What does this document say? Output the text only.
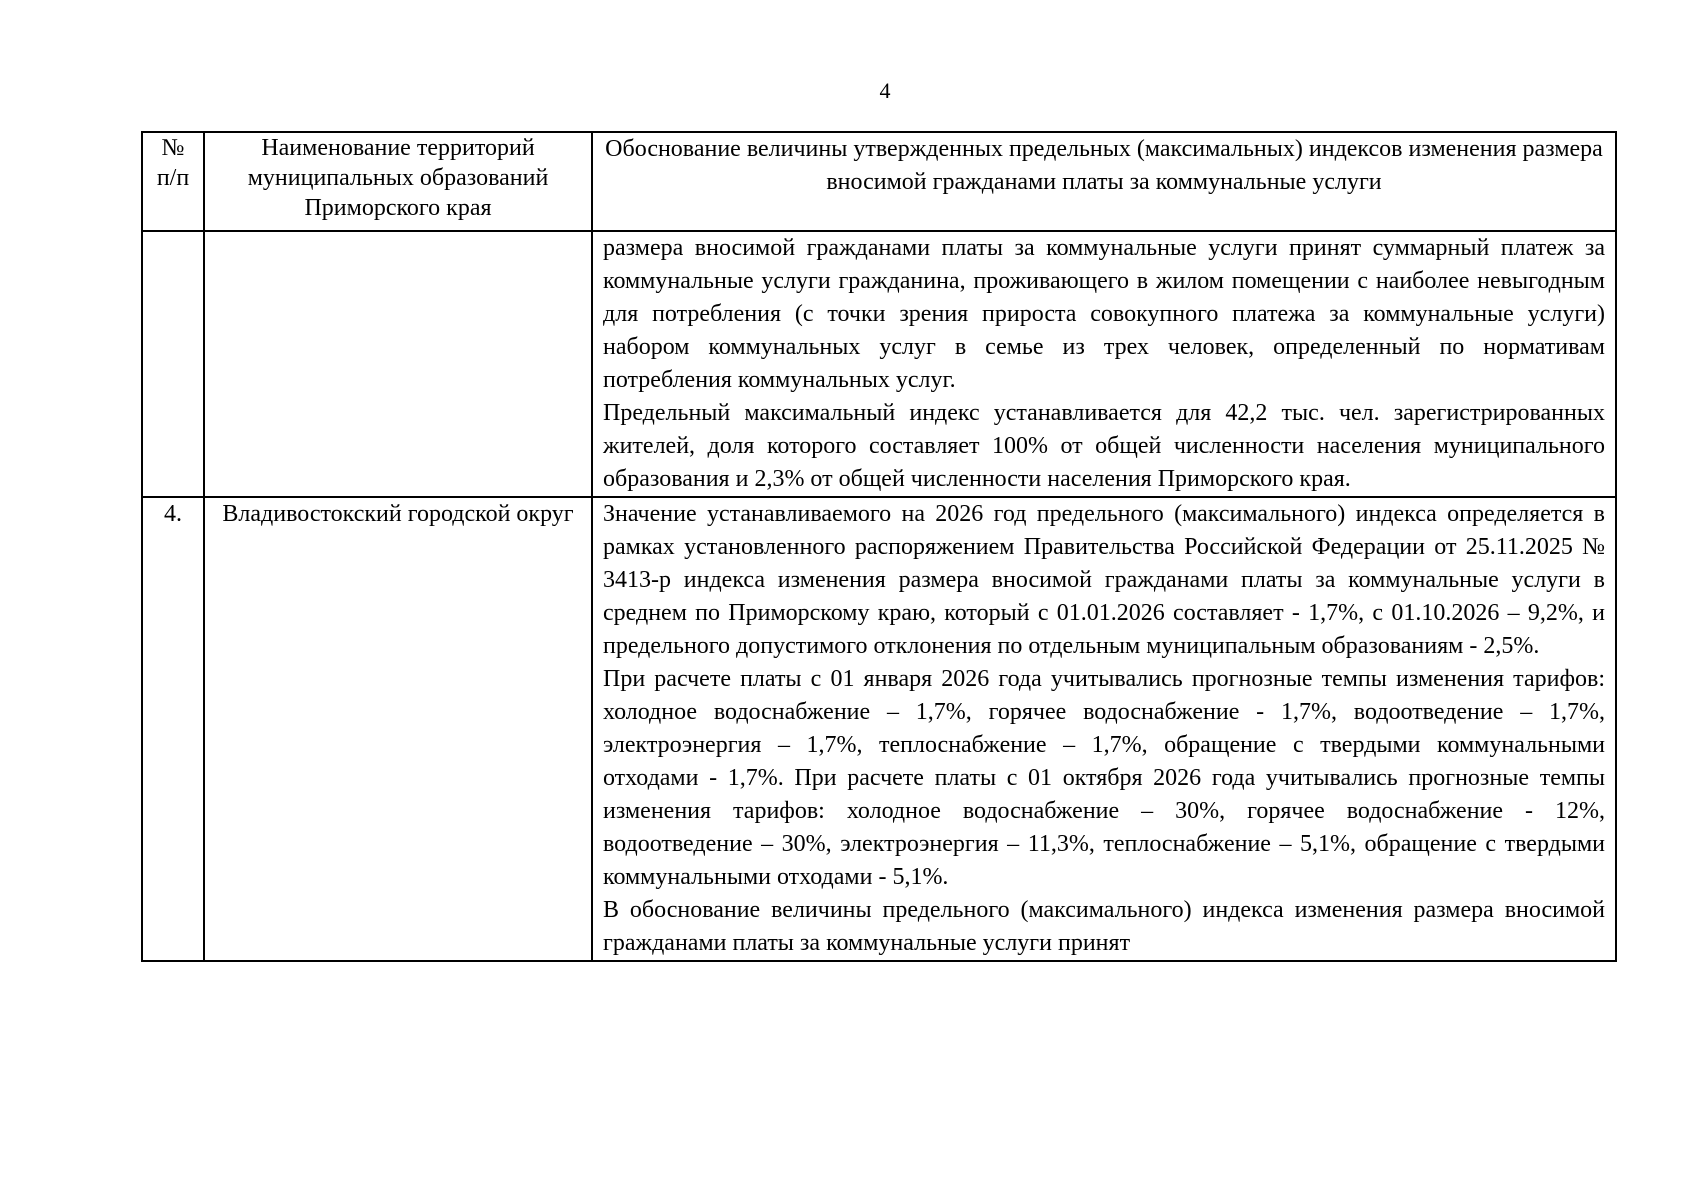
4
№ п/п	Наименование территорий муниципальных образований Приморского края	Обоснование величины утвержденных предельных (максимальных) индексов изменения размера вносимой гражданами платы за коммунальные услуги

		размера вносимой гражданами платы за коммунальные услуги принят суммарный платеж за коммунальные услуги гражданина, проживающего в жилом помещении с наиболее невыгодным для потребления (с точки зрения прироста совокупного платежа за коммунальные услуги) набором коммунальных услуг в семье из трех человек, определенный по нормативам потребления коммунальных услуг.

Предельный максимальный индекс устанавливается для 42,2 тыс. чел. зарегистрированных жителей, доля которого составляет 100% от общей численности населения муниципального образования и 2,3% от общей численности населения Приморского края.

4.	Владивостокский городской округ	Значение устанавливаемого на 2026 год предельного (максимального) индекса определяется в рамках установленного распоряжением Правительства Российской Федерации от 25.11.2025 № 3413-р индекса изменения размера вносимой гражданами платы за коммунальные услуги в среднем по Приморскому краю, который с 01.01.2026 составляет - 1,7%, с 01.10.2026 – 9,2%, и предельного допустимого отклонения по отдельным муниципальным образованиям - 2,5%.

При расчете платы с 01 января 2026 года учитывались прогнозные темпы изменения тарифов: холодное водоснабжение – 1,7%, горячее водоснабжение - 1,7%, водоотведение – 1,7%, электроэнергия – 1,7%, теплоснабжение – 1,7%, обращение с твердыми коммунальными отходами - 1,7%. При расчете платы с 01 октября 2026 года учитывались прогнозные темпы изменения тарифов: холодное водоснабжение – 30%, горячее водоснабжение - 12%, водоотведение – 30%, электроэнергия – 11,3%, теплоснабжение – 5,1%, обращение с твердыми коммунальными отходами - 5,1%.

В обоснование величины предельного (максимального) индекса изменения размера вносимой гражданами платы за коммунальные услуги принят
